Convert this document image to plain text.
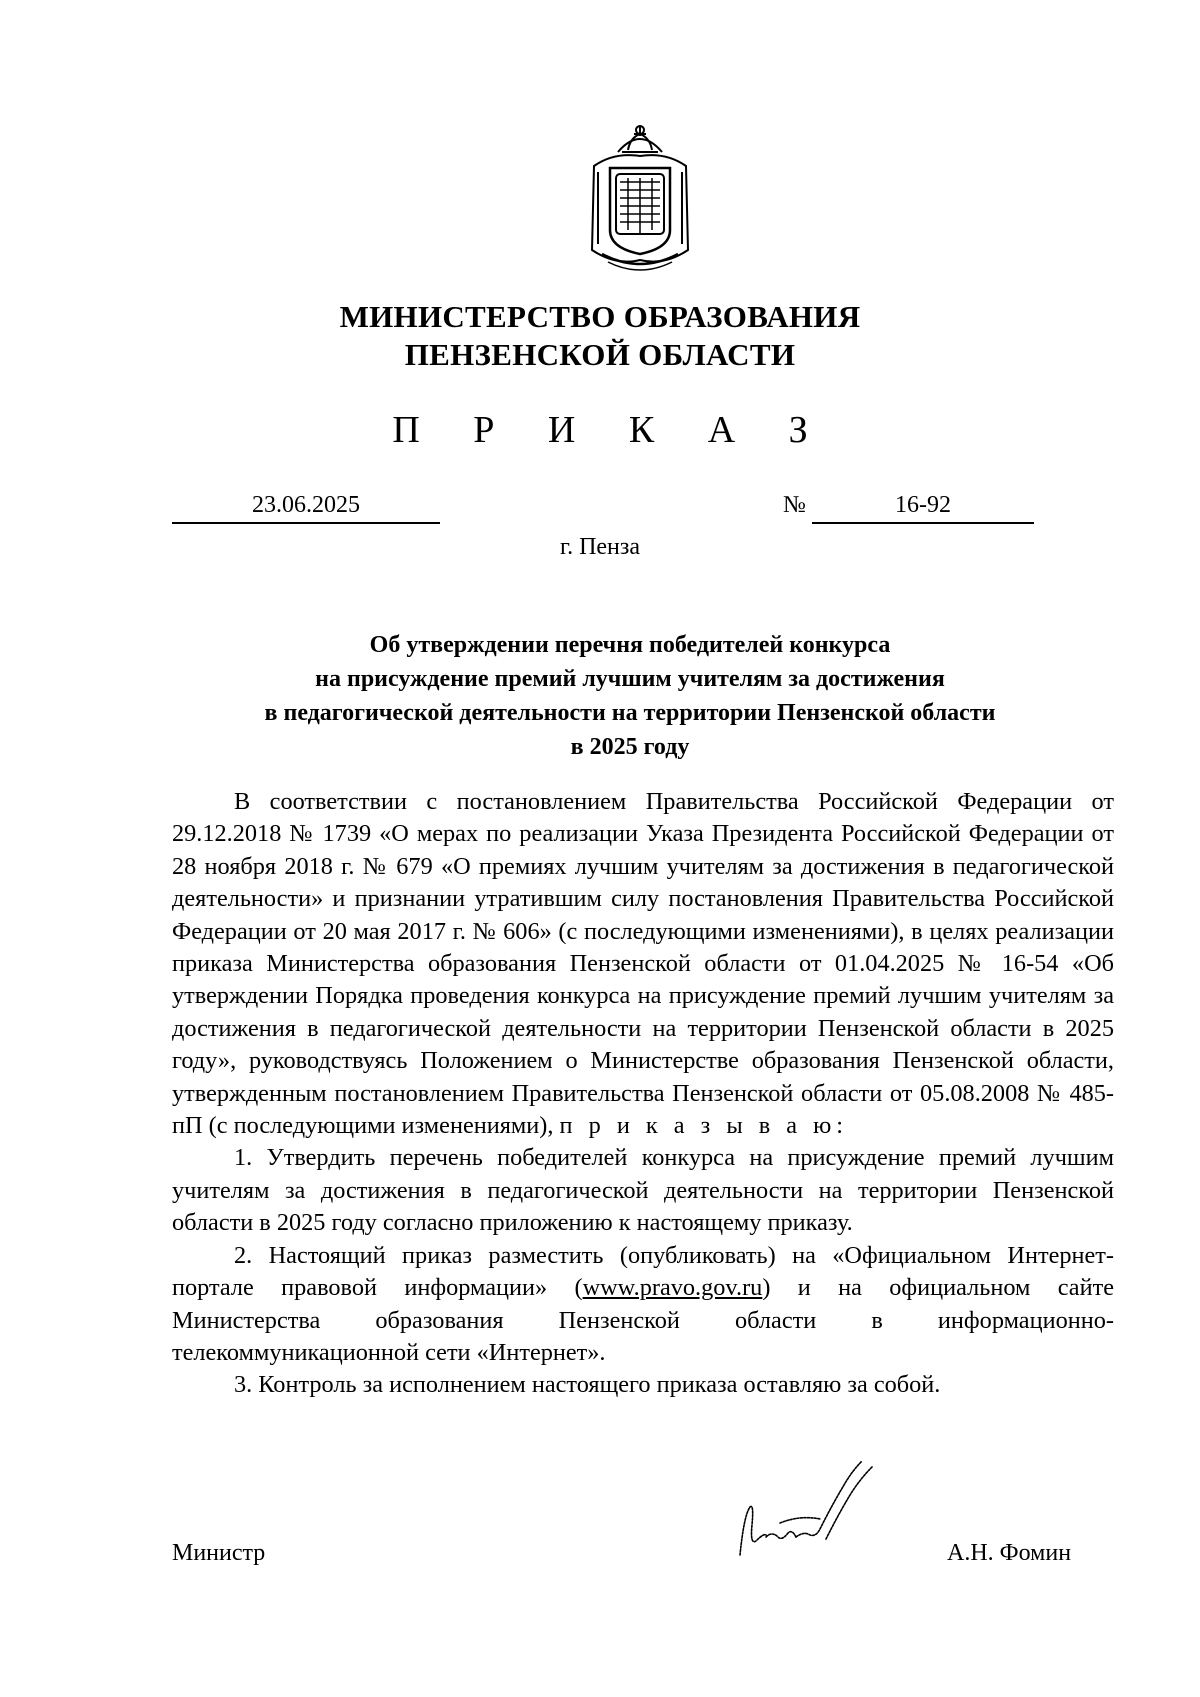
МИНИСТЕРСТВО ОБРАЗОВАНИЯ
ПЕНЗЕНСКОЙ ОБЛАСТИ
П Р И К А З
23.06.2025	№	16-92
г. Пенза
Об утверждении перечня победителей конкурса
на присуждение премий лучшим учителям за достижения
в педагогической деятельности на территории Пензенской области
в 2025 году

В соответствии с постановлением Правительства Российской Федерации от 29.12.2018 № 1739 «О мерах по реализации Указа Президента Российской Федерации от 28 ноября 2018 г. № 679 «О премиях лучшим учителям за достижения в педагогической деятельности» и признании утратившим силу постановления Правительства Российской Федерации от 20 мая 2017 г. № 606» (с последующими изменениями), в целях реализации приказа Министерства образования Пензенской области от 01.04.2025 № 16-54 «Об утверждении Порядка проведения конкурса на присуждение премий лучшим учителям за достижения в педагогической деятельности на территории Пензенской области в 2025 году», руководствуясь Положением о Министерстве образования Пензенской области, утвержденным постановлением Правительства Пензенской области от 05.08.2008 № 485-пП (с последующими изменениями), п р и к а з ы в а ю:

1. Утвердить перечень победителей конкурса на присуждение премий лучшим учителям за достижения в педагогической деятельности на территории Пензенской области в 2025 году согласно приложению к настоящему приказу.

2. Настоящий приказ разместить (опубликовать) на «Официальном Интернет-портале правовой информации» (www.pravo.gov.ru) и на официальном сайте Министерства образования Пензенской области в информационно-телекоммуникационной сети «Интернет».

3. Контроль за исполнением настоящего приказа оставляю за собой.

Министр	А.Н. Фомин
